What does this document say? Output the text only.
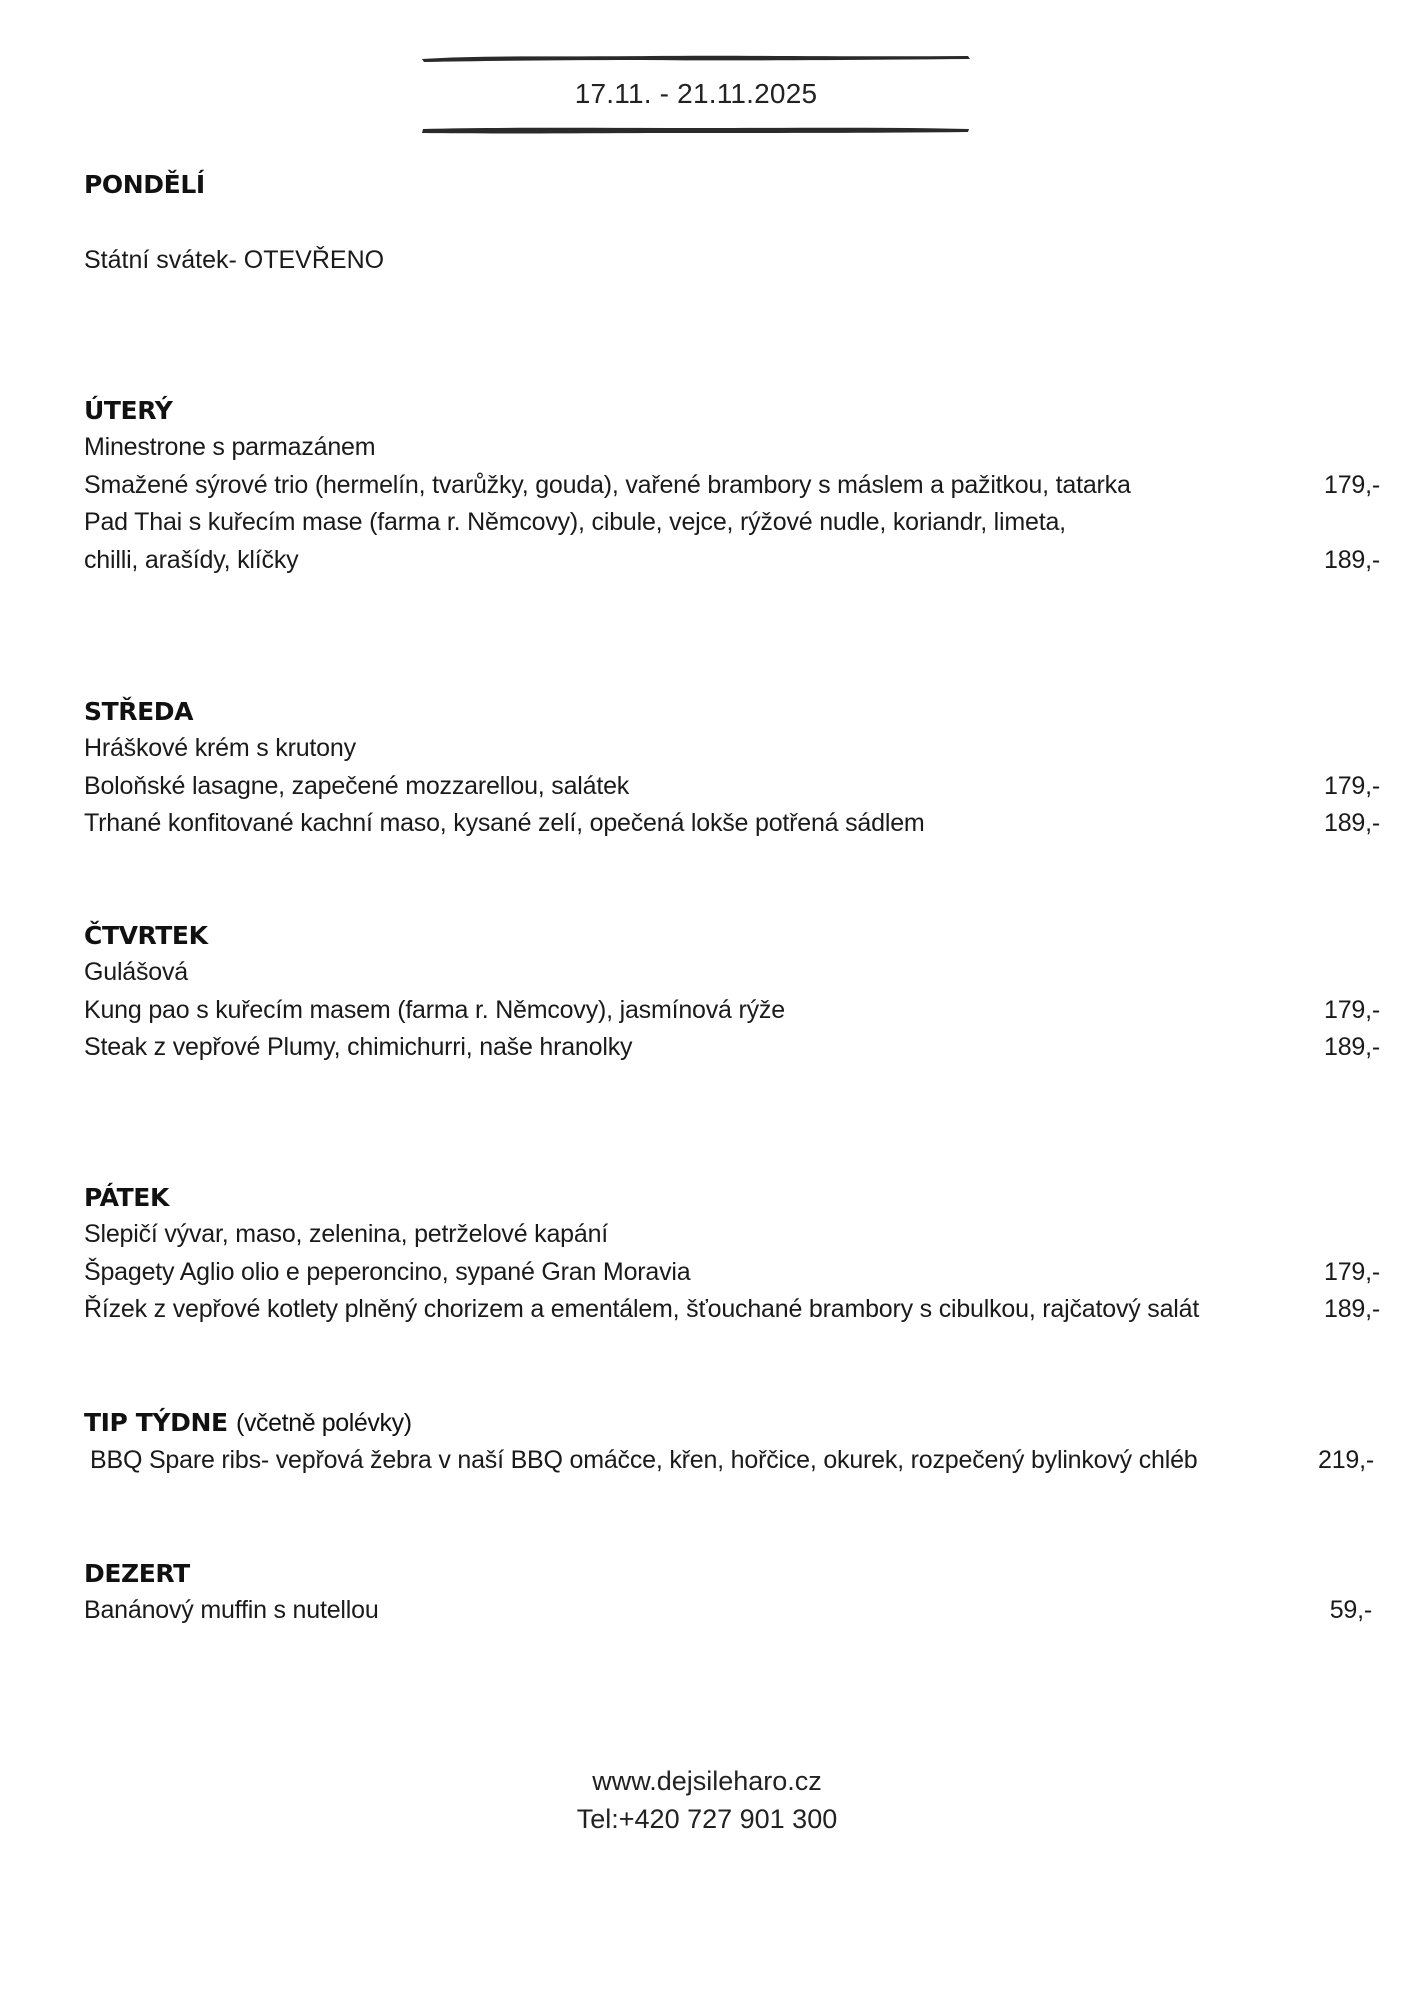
17.11. - 21.11.2025
PONDĚLÍ
Státní svátek- OTEVŘENO
ÚTERÝ
Minestrone s parmazánem
Smažené sýrové trio (hermelín, tvarůžky, gouda), vařené brambory s máslem a pažitkou, tatarka	179,-
Pad Thai s kuřecím mase (farma r. Němcovy), cibule, vejce, rýžové nudle, koriandr, limeta,
chilli, arašídy, klíčky	189,-
STŘEDA
Hráškové krém s krutony
Boloňské lasagne, zapečené mozzarellou, salátek	179,-
Trhané konfitované kachní maso, kysané zelí, opečená lokše potřená sádlem	189,-
ČTVRTEK
Gulášová
Kung pao s kuřecím masem (farma r. Němcovy), jasmínová rýže	179,-
Steak z vepřové Plumy, chimichurri, naše hranolky	189,-
PÁTEK
Slepičí vývar, maso, zelenina, petrželové kapání
Špagety Aglio olio e peperoncino, sypané Gran Moravia	179,-
Řízek z vepřové kotlety plněný chorizem a ementálem, šťouchané brambory s cibulkou, rajčatový salát	189,-
TIP TÝDNE (včetně polévky)
BBQ Spare ribs- vepřová žebra v naší BBQ omáčce, křen, hořčice, okurek, rozpečený bylinkový chléb	219,-
DEZERT
Banánový muffin s nutellou	59,-
www.dejsileharo.cz
Tel:+420 727 901 300
